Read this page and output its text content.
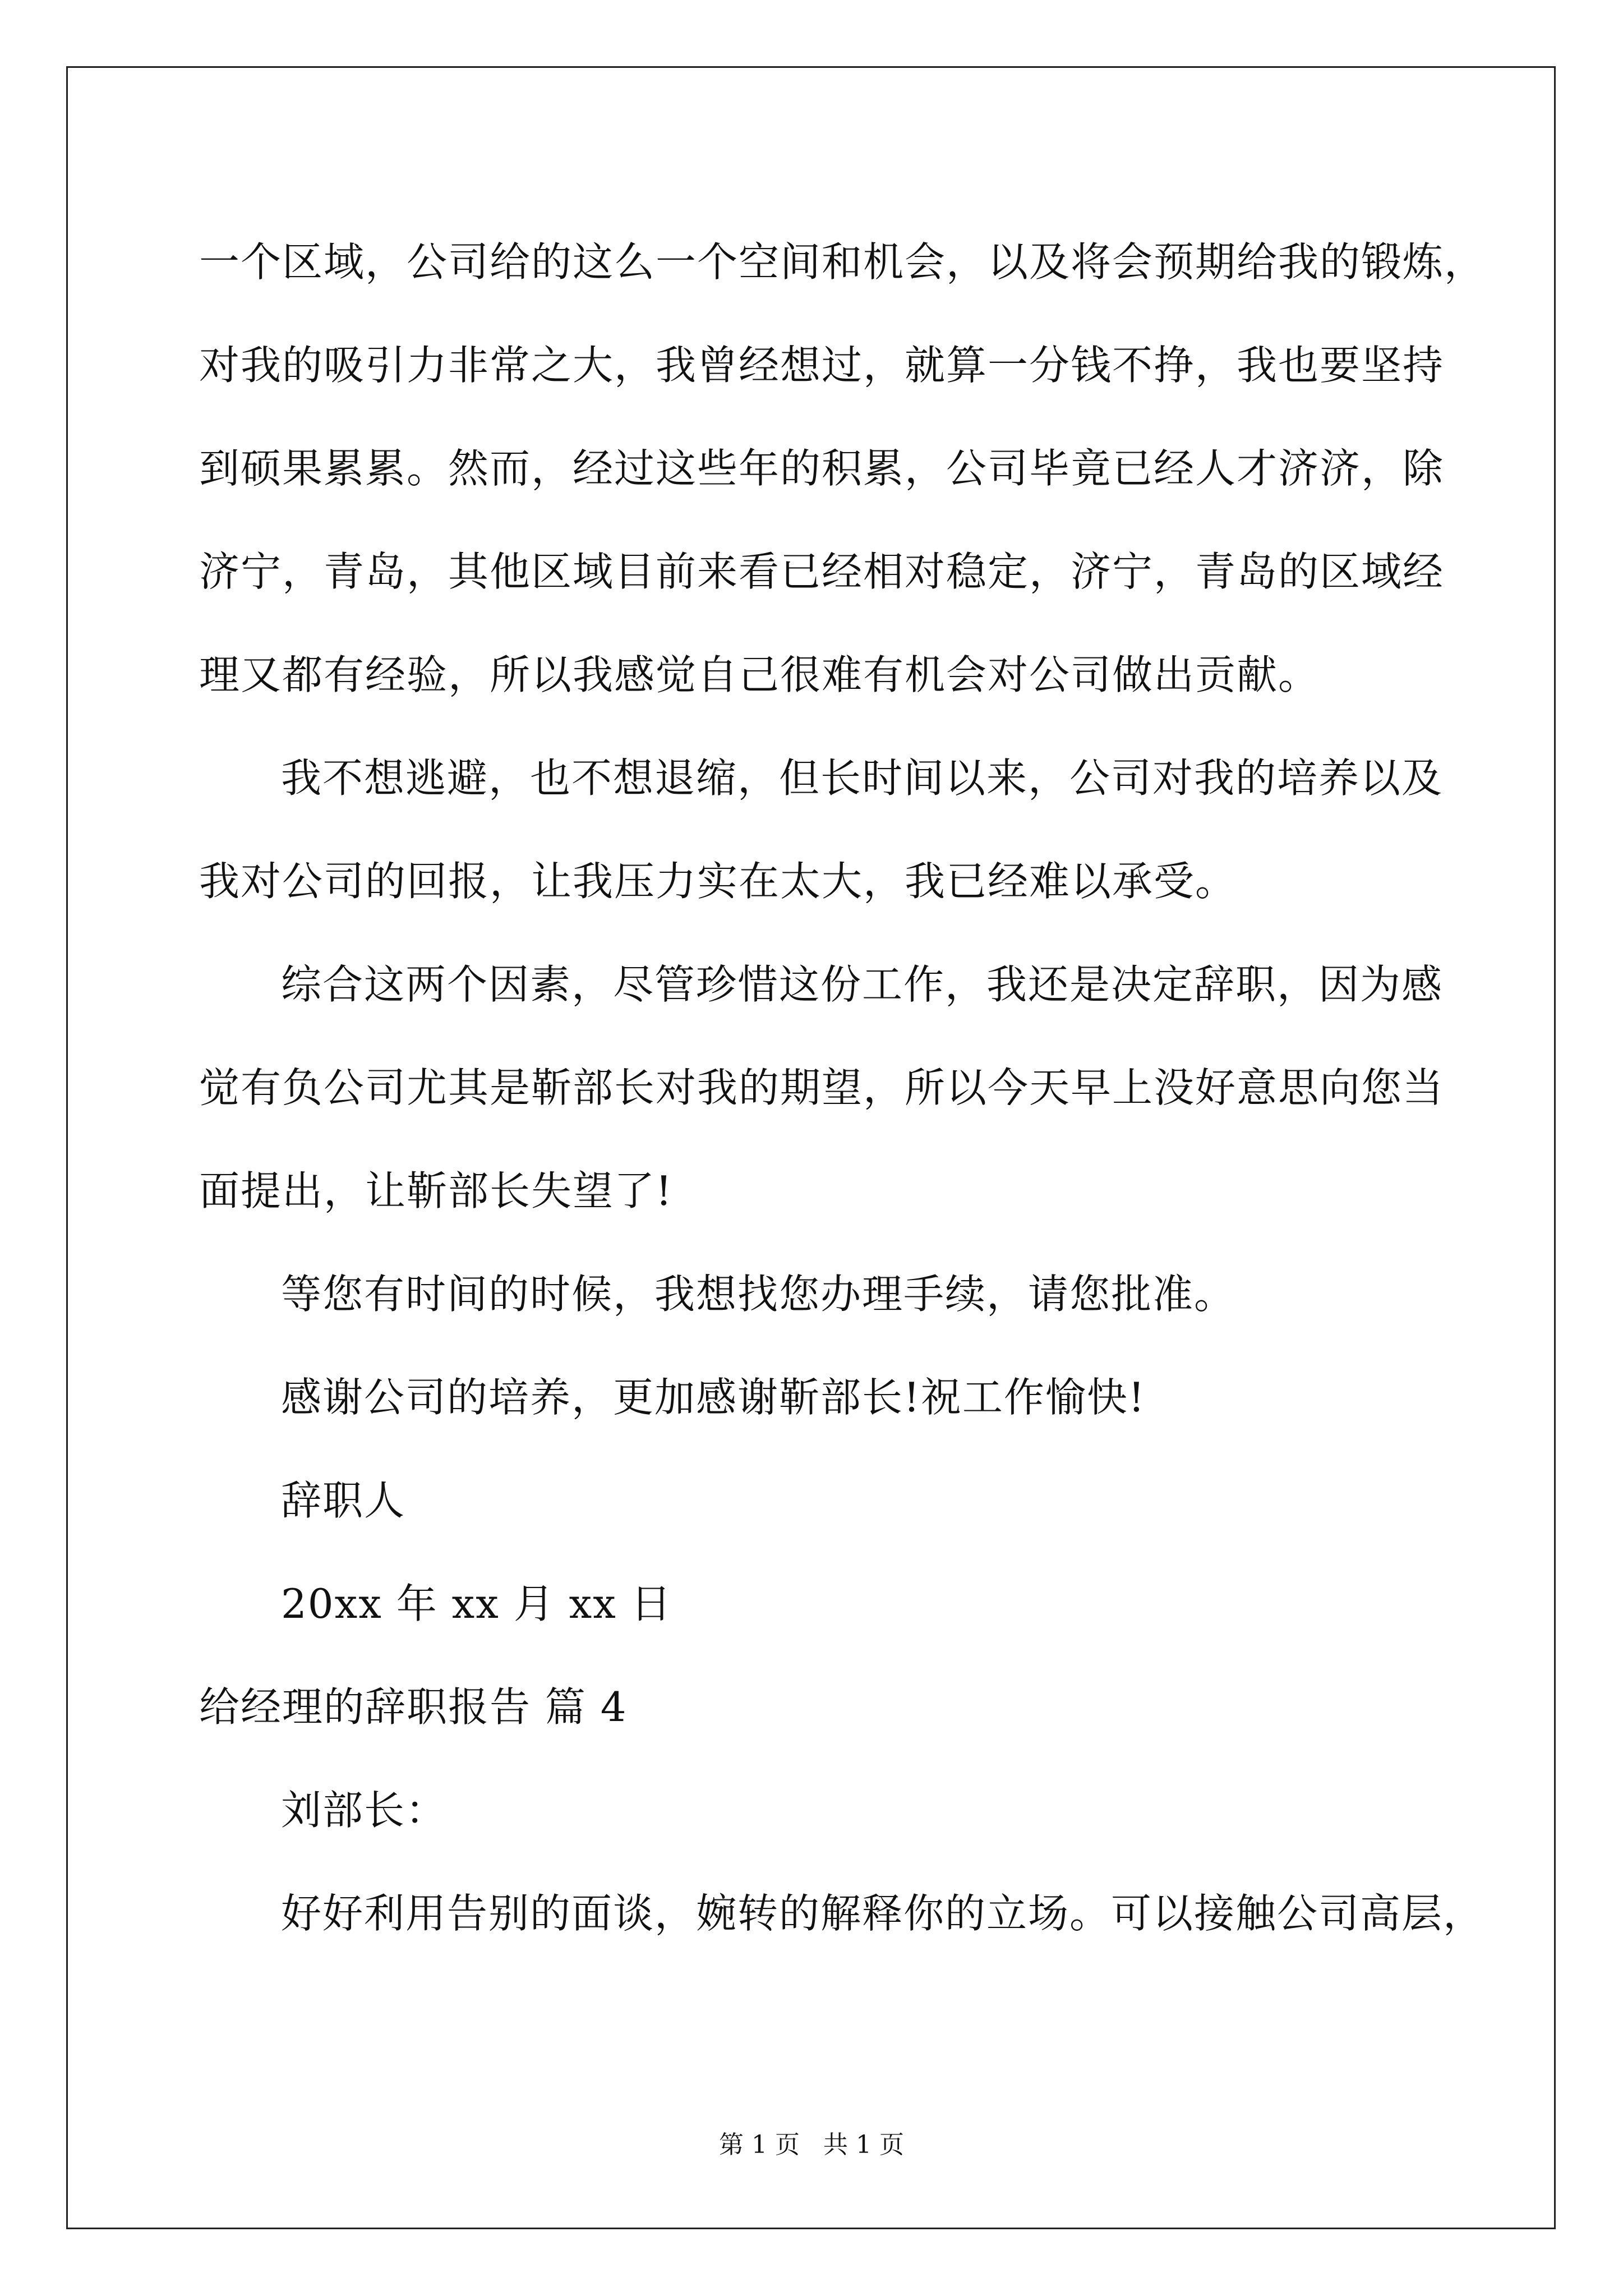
一个区域，公司给的这么一个空间和机会，以及将会预期给我的锻炼，
对我的吸引力非常之大，我曾经想过，就算一分钱不挣，我也要坚持
到硕果累累。然而，经过这些年的积累，公司毕竟已经人才济济，除
济宁，青岛，其他区域目前来看已经相对稳定，济宁，青岛的区域经
理又都有经验，所以我感觉自己很难有机会对公司做出贡献。
我不想逃避，也不想退缩，但长时间以来，公司对我的培养以及
我对公司的回报，让我压力实在太大，我已经难以承受。
综合这两个因素，尽管珍惜这份工作，我还是决定辞职，因为感
觉有负公司尤其是靳部长对我的期望，所以今天早上没好意思向您当
面提出，让靳部长失望了!
等您有时间的时候，我想找您办理手续，请您批准。
感谢公司的培养，更加感谢靳部长!祝工作愉快!
辞职人
20xx 年 xx 月 xx 日
给经理的辞职报告 篇 4
刘部长：
好好利用告别的面谈，婉转的解释你的立场。可以接触公司高层，
第 1 页 共 1 页
